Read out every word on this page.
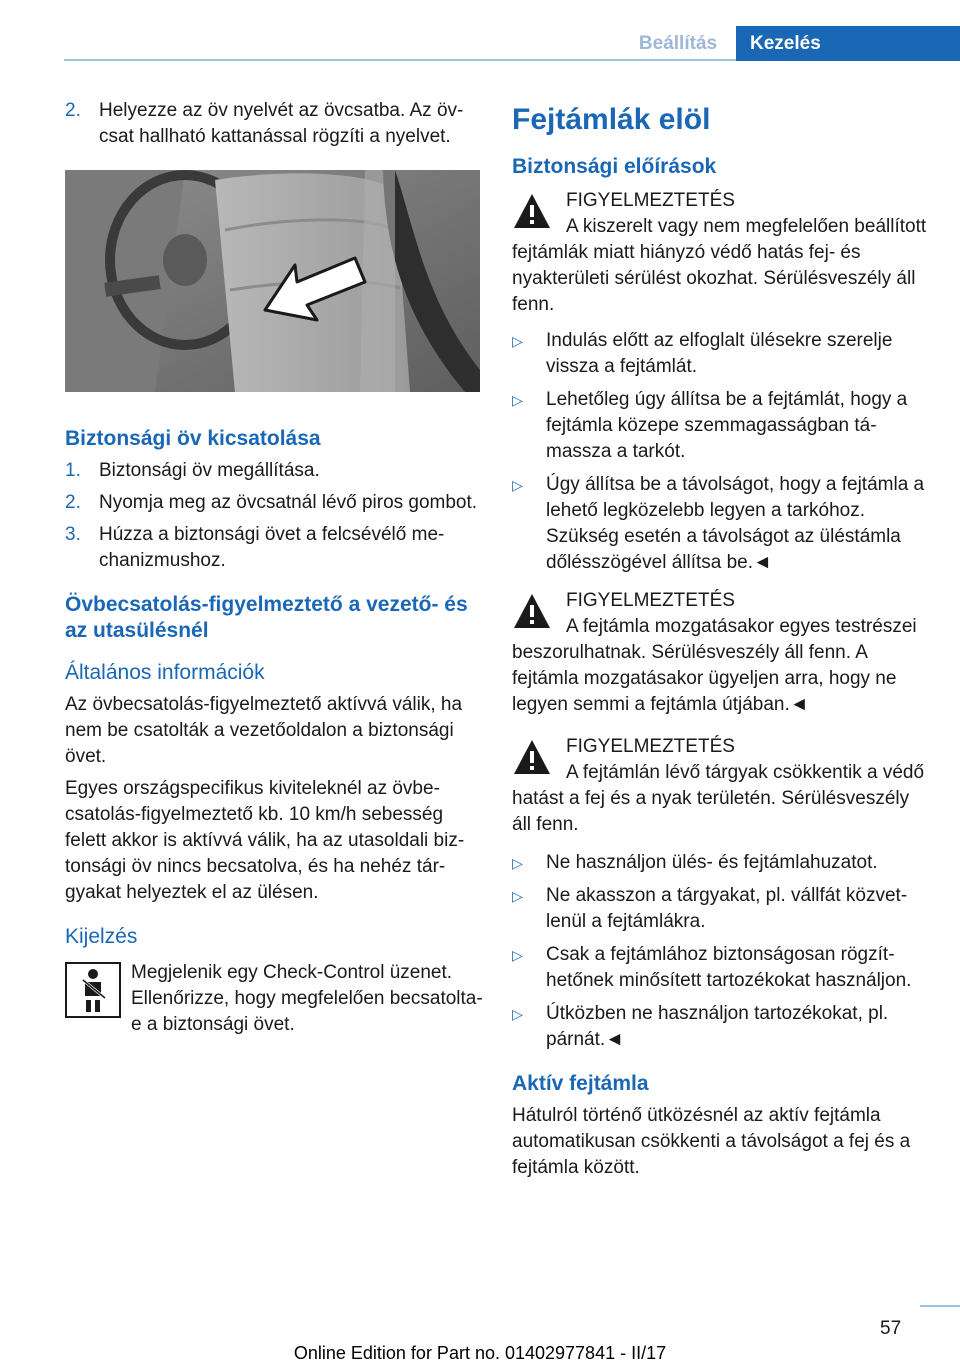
Beállítás	Kezelés
2. Helyezze az öv nyelvét az övcsatba. Az övcsat hallható kattanással rögzíti a nyelvet.
Biztonsági öv kicsatolása
1. Biztonsági öv megállítása.
2. Nyomja meg az övcsatnál lévő piros gombot.
3. Húzza a biztonsági övet a felcsévélő mechanizmushoz.
Övbecsatolás-figyelmeztető a vezető- és az utasülésnél
Általános információk

Az övbecsatolás-figyelmeztető aktívvá válik, ha nem be csatolták a vezetőoldalon a biztonsági övet.

Egyes országspecifikus kiviteleknél az övbecsatolás-figyelmeztető kb. 10 km/h sebesség felett akkor is aktívvá válik, ha az utasoldali biztonsági öv nincs becsatolva, és ha nehéz tárgyakat helyeztek el az ülésen.

Kijelzés
Megjelenik egy Check-Control üzenet. Ellenőrizze, hogy megfelelően becsatolta-e a biztonsági övet.
Fejtámlák elöl
Biztonsági előírások
FIGYELMEZTETÉS
A kiszerelt vagy nem megfelelően beállított fejtámlák miatt hiányzó védő hatás fej- és nyakterületi sérülést okozhat. Sérülésveszély áll fenn.
▷ Indulás előtt az elfoglalt ülésekre szerelje vissza a fejtámlát.
▷ Lehetőleg úgy állítsa be a fejtámlát, hogy a fejtámla közepe szemmagasságban támassza a tarkót.
▷ Úgy állítsa be a távolságot, hogy a fejtámla a lehető legközelebb legyen a tarkóhoz. Szükség esetén a távolságot az üléstámla dőlésszögével állítsa be.◄
FIGYELMEZTETÉS
A fejtámla mozgatásakor egyes testrészei beszorulhatnak. Sérülésveszély áll fenn. A fejtámla mozgatásakor ügyeljen arra, hogy ne legyen semmi a fejtámla útjában.◄
FIGYELMEZTETÉS
A fejtámlán lévő tárgyak csökkentik a védő hatást a fej és a nyak területén. Sérülésveszély áll fenn.
▷ Ne használjon ülés- és fejtámlahuzatot.
▷ Ne akasszon a tárgyakat, pl. vállfát közvetlenül a fejtámlákra.
▷ Csak a fejtámlához biztonságosan rögzíthetőnek minősített tartozékokat használjon.
▷ Útközben ne használjon tartozékokat, pl. párnát.◄
Aktív fejtámla

Hátulról történő ütközésnél az aktív fejtámla automatikusan csökkenti a távolságot a fej és a fejtámla között.

57
Online Edition for Part no. 01402977841 - II/17
